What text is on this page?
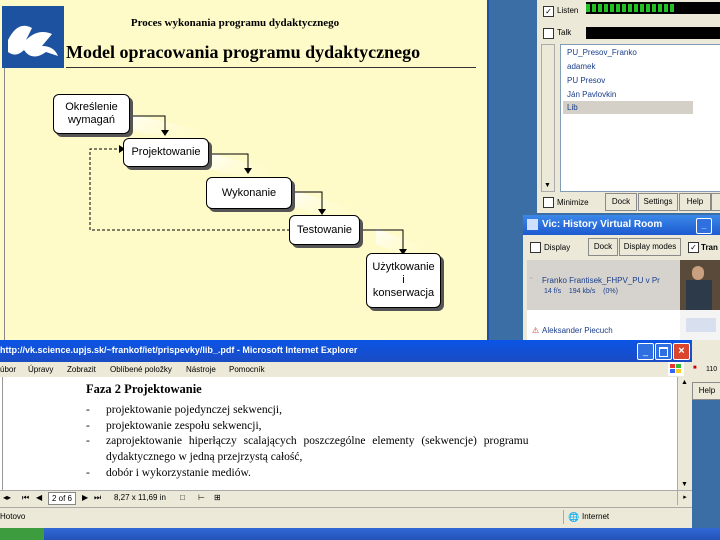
Proces wykonania programu dydaktycznego
Model opracowania programu dydaktycznego
Określenie wymagań
Projektowanie
Wykonanie
Testowanie
Użytkowanie i konserwacja
✓ Listen
Talk
▼
PU_Presov_Franko
adamek
PU Presov
Ján Pavlovkin
Lib
Minimize	Dock	Settings	Help
Vic: History Virtual Room	_
Display	Dock	Display modes	✓ Tran
◦ Franko Frantisek_FHPV_PU v Pr
14 f/s    194 kb/s    (0%)
⚠ Aleksander Piecuch
■ 110
Help
http://vk.science.upjs.sk/~frankof/iet/prispevky/lib_.pdf - Microsoft Internet Explorer	_	×
úbor Úpravy Zobrazit Oblíbené položky Nástroje Pomocník
Faza 2 Projektowanie
- projektowanie pojedynczej sekwencji,
- projektowanie zespołu sekwencji,
- zaprojektowanie hiperłączy scalających poszczególne elementy (sekwencje) programu
dydaktycznego w jedną przejrzystą całość,
- dobór i wykorzystanie mediów.
▲
▼
◂▸ ⏮ ◀	2 of 6	▶ ⏭ 8,27 x 11,69 in □ ⊢ ⊞	▸
Hotovo	🌐 Internet
